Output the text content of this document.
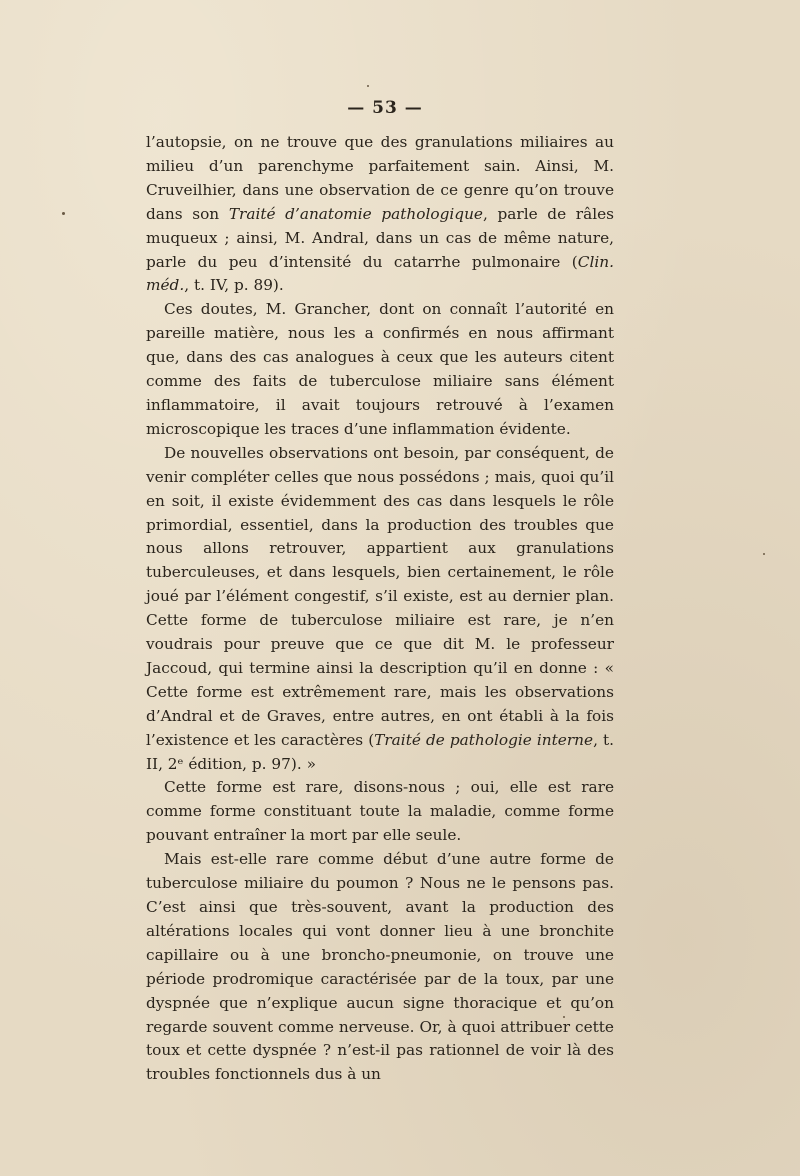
— 53 —

l’autopsie, on ne trouve que des granulations miliaires au milieu d’un parenchyme parfaitement sain. Ainsi, M. Cruveilhier, dans une observation de ce genre qu’on trouve dans son Traité d’anatomie pathologique, parle de râles muqueux ; ainsi, M. Andral, dans un cas de même nature, parle du peu d’intensité du catarrhe pulmonaire (Clin. méd., t. IV, p. 89).

Ces doutes, M. Grancher, dont on connaît l’autorité en pareille matière, nous les a confirmés en nous affirmant que, dans des cas analogues à ceux que les auteurs citent comme des faits de tuberculose miliaire sans élément inflammatoire, il avait toujours retrouvé à l’examen microscopique les traces d’une inflammation évidente.

De nouvelles observations ont besoin, par conséquent, de venir compléter celles que nous possédons ; mais, quoi qu’il en soit, il existe évidemment des cas dans lesquels le rôle primordial, essentiel, dans la production des troubles que nous allons retrouver, appartient aux granulations tuberculeuses, et dans lesquels, bien certainement, le rôle joué par l’élément congestif, s’il existe, est au dernier plan. Cette forme de tuberculose miliaire est rare, je n’en voudrais pour preuve que ce que dit M. le professeur Jaccoud, qui termine ainsi la description qu’il en donne : « Cette forme est extrêmement rare, mais les observations d’Andral et de Graves, entre autres, en ont établi à la fois l’existence et les caractères (Traité de pathologie interne, t. II, 2ᵉ édition, p. 97). »

Cette forme est rare, disons-nous ; oui, elle est rare comme forme constituant toute la maladie, comme forme pouvant entraîner la mort par elle seule.

Mais est-elle rare comme début d’une autre forme de tuberculose miliaire du poumon ? Nous ne le pensons pas. C’est ainsi que très-souvent, avant la production des altérations locales qui vont donner lieu à une bronchite capillaire ou à une broncho-pneumonie, on trouve une période prodromique caractérisée par de la toux, par une dyspnée que n’explique aucun signe thoracique et qu’on regarde souvent comme nerveuse. Or, à quoi attribuer cette toux et cette dyspnée ? n’est-il pas rationnel de voir là des troubles fonctionnels dus à un
